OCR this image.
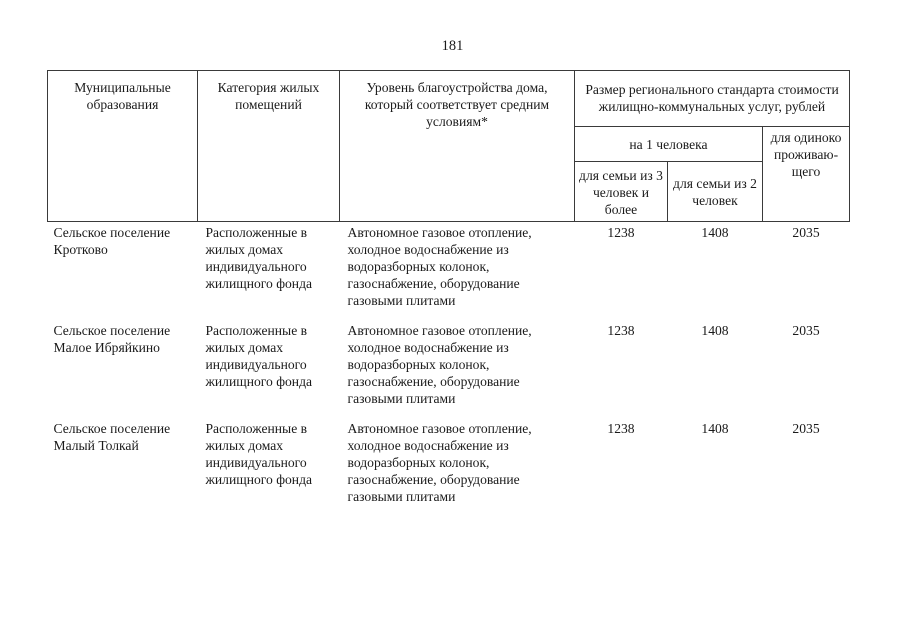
181
Муниципальные образования	Категория жилых помещений	Уровень благоустройства дома, который соответствует средним условиям*	Размер регионального стандарта стоимости жилищно-коммунальных услуг, рублей		
			на 1 человека		для одиноко проживаю-щего
			для семьи из 3 человек и более	для семьи из 2 человек	
Сельское поселение Кротково	Расположенные в жилых домах индивидуального жилищного фонда	Автономное газовое отопление, холодное водоснабжение из водоразборных колонок, газоснабжение, оборудование газовыми плитами	1238	1408	2035
Сельское поселение Малое Ибряйкино	Расположенные в жилых домах индивидуального жилищного фонда	Автономное газовое отопление, холодное водоснабжение из водоразборных колонок, газоснабжение, оборудование газовыми плитами	1238	1408	2035
Сельское поселение Малый Толкай	Расположенные в жилых домах индивидуального жилищного фонда	Автономное газовое отопление, холодное водоснабжение из водоразборных колонок, газоснабжение, оборудование газовыми плитами	1238	1408	2035
